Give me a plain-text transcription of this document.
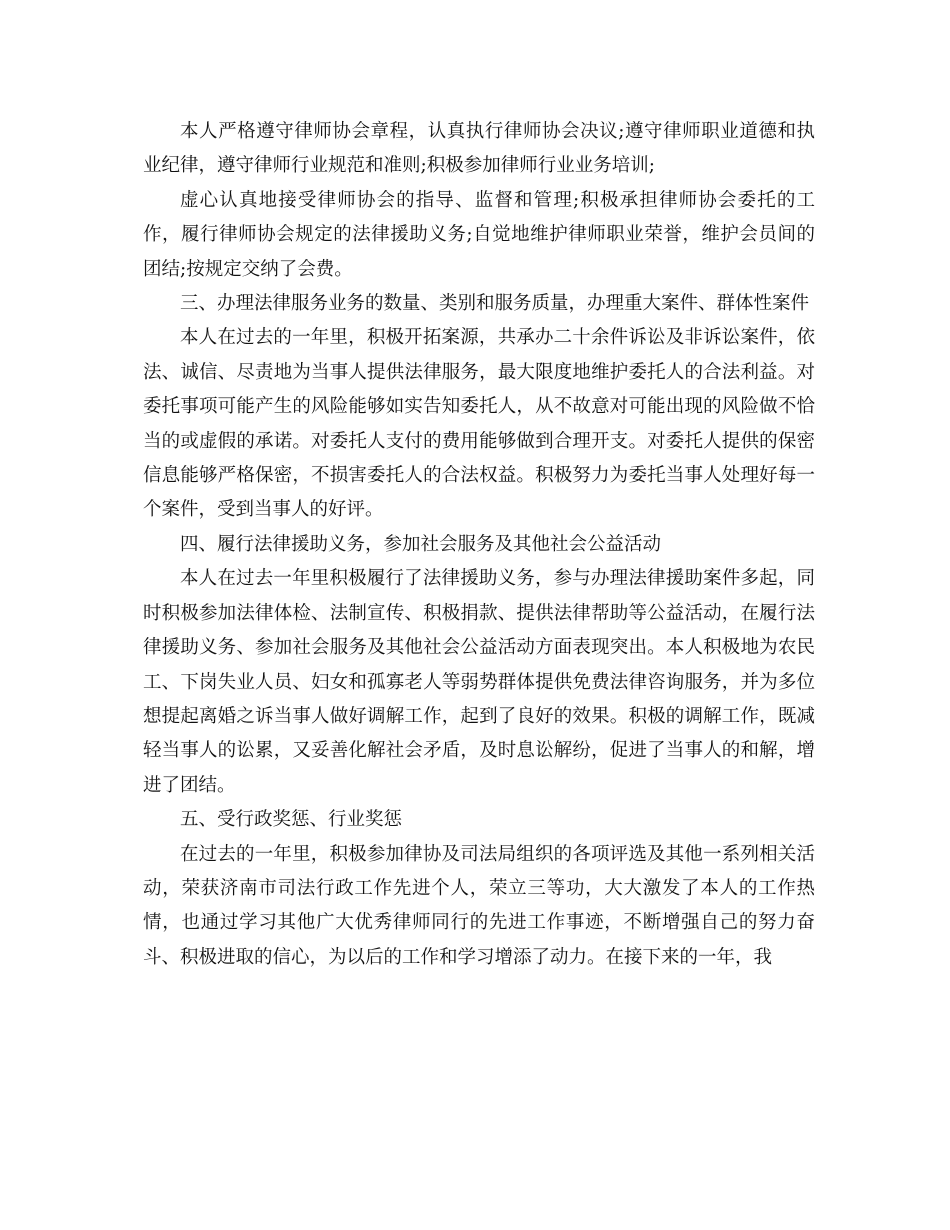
本人严格遵守律师协会章程，认真执行律师协会决议;遵守律师职业道德和执业纪律，遵守律师行业规范和准则;积极参加律师行业业务培训;

虚心认真地接受律师协会的指导、监督和管理;积极承担律师协会委托的工作，履行律师协会规定的法律援助义务;自觉地维护律师职业荣誉，维护会员间的团结;按规定交纳了会费。

三、办理法律服务业务的数量、类别和服务质量，办理重大案件、群体性案件

本人在过去的一年里，积极开拓案源，共承办二十余件诉讼及非诉讼案件，依法、诚信、尽责地为当事人提供法律服务，最大限度地维护委托人的合法利益。对委托事项可能产生的风险能够如实告知委托人，从不故意对可能出现的风险做不恰当的或虚假的承诺。对委托人支付的费用能够做到合理开支。对委托人提供的保密信息能够严格保密，不损害委托人的合法权益。积极努力为委托当事人处理好每一个案件，受到当事人的好评。

四、履行法律援助义务，参加社会服务及其他社会公益活动

本人在过去一年里积极履行了法律援助义务，参与办理法律援助案件多起，同时积极参加法律体检、法制宣传、积极捐款、提供法律帮助等公益活动，在履行法律援助义务、参加社会服务及其他社会公益活动方面表现突出。本人积极地为农民工、下岗失业人员、妇女和孤寡老人等弱势群体提供免费法律咨询服务，并为多位想提起离婚之诉当事人做好调解工作，起到了良好的效果。积极的调解工作，既减轻当事人的讼累，又妥善化解社会矛盾，及时息讼解纷，促进了当事人的和解，增进了团结。

五、受行政奖惩、行业奖惩

在过去的一年里，积极参加律协及司法局组织的各项评选及其他一系列相关活动，荣获济南市司法行政工作先进个人，荣立三等功，大大激发了本人的工作热情，也通过学习其他广大优秀律师同行的先进工作事迹，不断增强自己的努力奋斗、积极进取的信心，为以后的工作和学习增添了动力。在接下来的一年，我
